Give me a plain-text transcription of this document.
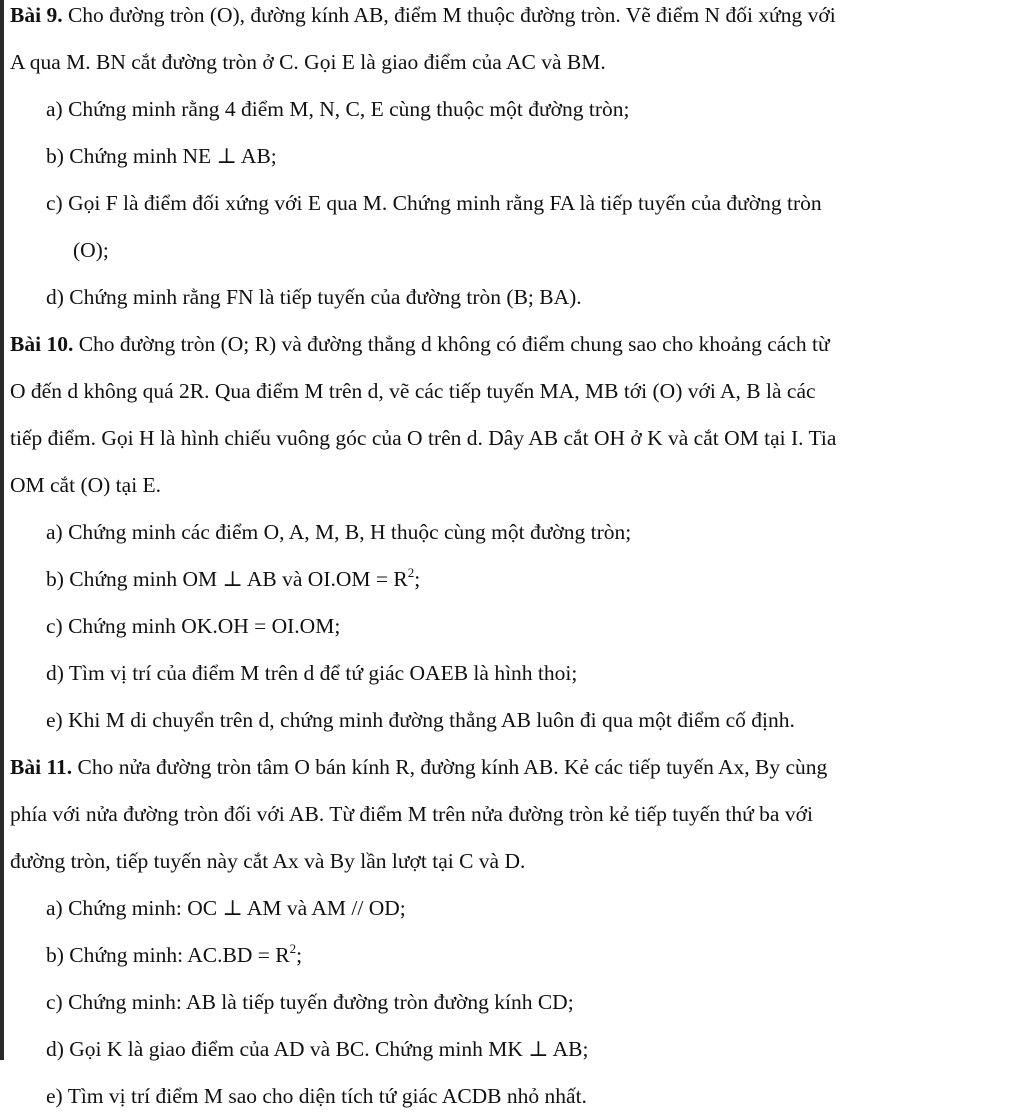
Bài 9. Cho đường tròn (O), đường kính AB, điểm M thuộc đường tròn. Vẽ điểm N đối xứng với

A qua M. BN cắt đường tròn ở C. Gọi E là giao điểm của AC và BM.

a) Chứng minh rằng 4 điểm M, N, C, E cùng thuộc một đường tròn;

b) Chứng minh NE ⊥ AB;

c) Gọi F là điểm đối xứng với E qua M. Chứng minh rằng FA là tiếp tuyến của đường tròn

(O);

d) Chứng minh rằng FN là tiếp tuyến của đường tròn (B; BA).

Bài 10. Cho đường tròn (O; R) và đường thẳng d không có điểm chung sao cho khoảng cách từ

O đến d không quá 2R. Qua điểm M trên d, vẽ các tiếp tuyến MA, MB tới (O) với A, B là các

tiếp điểm. Gọi H là hình chiếu vuông góc của O trên d. Dây AB cắt OH ở K và cắt OM tại I. Tia

OM cắt (O) tại E.

a) Chứng minh các điểm O, A, M, B, H thuộc cùng một đường tròn;

b) Chứng minh OM ⊥ AB và $OI.OM = R^2$;

c) Chứng minh OK.OH = OI.OM;

d) Tìm vị trí của điểm M trên d để tứ giác OAEB là hình thoi;

e) Khi M di chuyển trên d, chứng minh đường thẳng AB luôn đi qua một điểm cố định.

Bài 11. Cho nửa đường tròn tâm O bán kính R, đường kính AB. Kẻ các tiếp tuyến Ax, By cùng

phía với nửa đường tròn đối với AB. Từ điểm M trên nửa đường tròn kẻ tiếp tuyến thứ ba với

đường tròn, tiếp tuyến này cắt Ax và By lần lượt tại C và D.

a) Chứng minh: OC ⊥ AM và AM // OD;

b) Chứng minh: $AC.BD = R^2$;

c) Chứng minh: AB là tiếp tuyến đường tròn đường kính CD;

d) Gọi K là giao điểm của AD và BC. Chứng minh MK ⊥ AB;

e) Tìm vị trí điểm M sao cho diện tích tứ giác ACDB nhỏ nhất.
